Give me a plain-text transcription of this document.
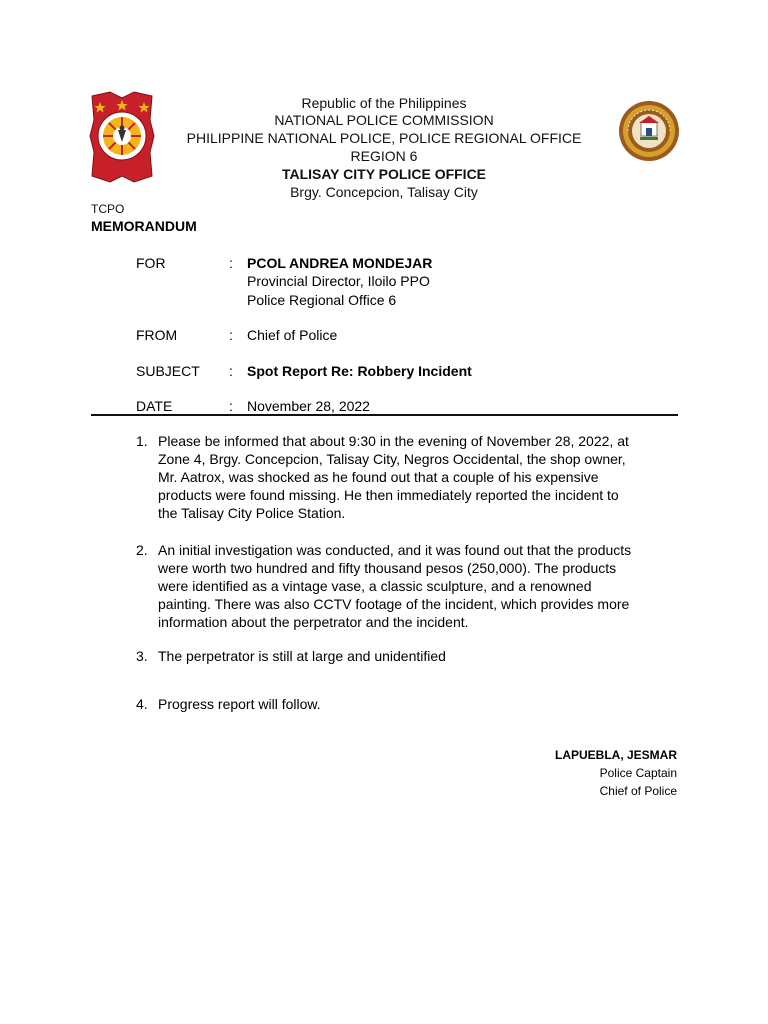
Republic of the Philippines
NATIONAL POLICE COMMISSION
PHILIPPINE NATIONAL POLICE, POLICE REGIONAL OFFICE
REGION 6
TALISAY CITY POLICE OFFICE
Brgy. Concepcion, Talisay City
TCPO
MEMORANDUM
FOR	: PCOL ANDREA MONDEJAR
Provincial Director, Iloilo PPO
Police Regional Office 6
FROM	: Chief of Police
SUBJECT : Spot Report Re: Robbery Incident
DATE	: November 28, 2022
1. Please be informed that about 9:30 in the evening of November 28, 2022, at
Zone 4, Brgy. Concepcion, Talisay City, Negros Occidental, the shop owner,
Mr. Aatrox, was shocked as he found out that a couple of his expensive
products were found missing. He then immediately reported the incident to
the Talisay City Police Station.
2. An initial investigation was conducted, and it was found out that the products
were worth two hundred and fifty thousand pesos (250,000). The products
were identified as a vintage vase, a classic sculpture, and a renowned
painting. There was also CCTV footage of the incident, which provides more
information about the perpetrator and the incident.
3. The perpetrator is still at large and unidentified
4. Progress report will follow.
LAPUEBLA, JESMAR
Police Captain
Chief of Police
